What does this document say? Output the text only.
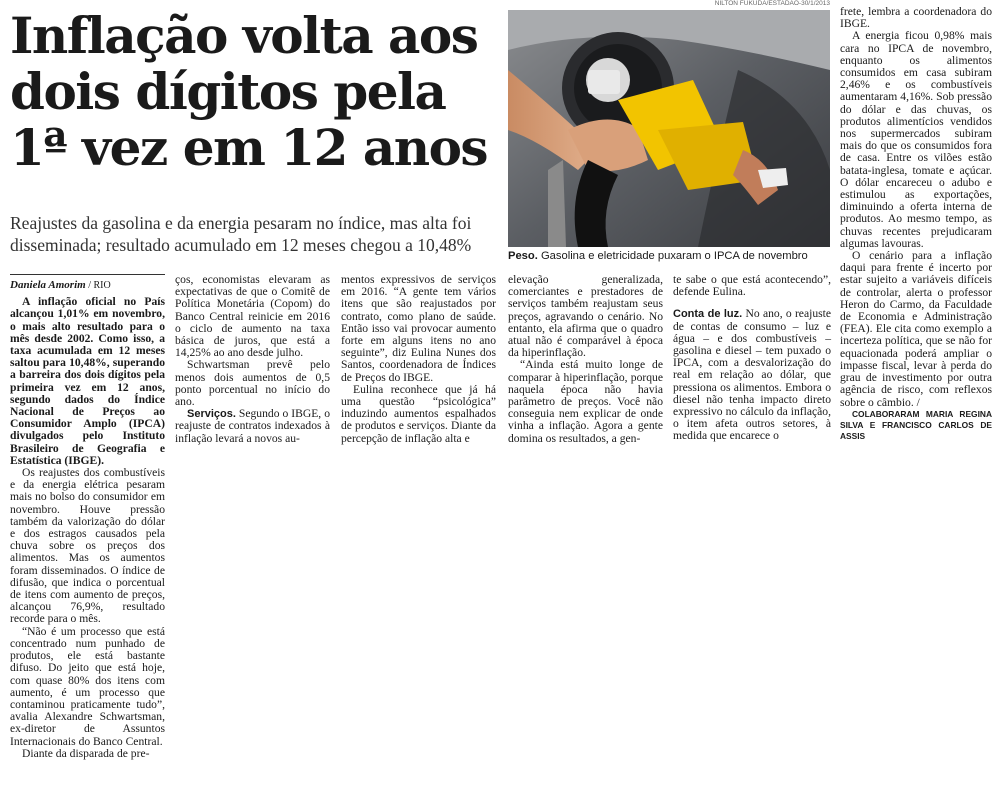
Inflação volta aos
dois dígitos pela
1ª vez em 12 anos

Reajustes da gasolina e da energia pesaram no índice, mas alta foi disseminada; resultado acumulado em 12 meses chegou a 10,48%

NILTON FUKUDA/ESTADÃO-30/1/2013

Peso. Gasolina e eletricidade puxaram o IPCA de novembro

Daniela Amorim / RIO

A inflação oficial no País alcançou 1,01% em novembro, o mais alto resultado para o mês desde 2002. Como isso, a taxa acumulada em 12 meses saltou para 10,48%, superando a barreira dos dois dígitos pela primeira vez em 12 anos, segundo dados do Índice Nacional de Preços ao Consumidor Amplo (IPCA) divulgados pelo Instituto Brasileiro de Geografia e Estatística (IBGE).

Os reajustes dos combustíveis e da energia elétrica pesaram mais no bolso do consumidor em novembro. Houve pressão também da valorização do dólar e dos estragos causados pela chuva sobre os preços dos alimentos. Mas os aumentos foram disseminados. O índice de difusão, que indica o porcentual de itens com aumento de preços, alcançou 76,9%, resultado recorde para o mês.

“Não é um processo que está concentrado num punhado de produtos, ele está bastante difuso. Do jeito que está hoje, com quase 80% dos itens com aumento, é um processo que contaminou praticamente tudo”, avalia Alexandre Schwartsman, ex-diretor de Assuntos Internacionais do Banco Central.

Diante da disparada de pre-

ços, economistas elevaram as expectativas de que o Comitê de Política Monetária (Copom) do Banco Central reinicie em 2016 o ciclo de aumento na taxa básica de juros, que está a 14,25% ao ano desde julho.

Schwartsman prevê pelo menos dois aumentos de 0,5 ponto porcentual no início do ano.

Serviços. Segundo o IBGE, o reajuste de contratos indexados à inflação levará a novos au-

mentos expressivos de serviços em 2016. “A gente tem vários itens que são reajustados por contrato, como plano de saúde. Então isso vai provocar aumento forte em alguns itens no ano seguinte”, diz Eulina Nunes dos Santos, coordenadora de Índices de Preços do IBGE.

Eulina reconhece que já há uma questão “psicológica” induzindo aumentos espalhados de produtos e serviços. Diante da percepção de inflação alta e

elevação generalizada, comerciantes e prestadores de serviços também reajustam seus preços, agravando o cenário. No entanto, ela afirma que o quadro atual não é comparável à época da hiperinflação.

“Ainda está muito longe de comparar à hiperinflação, porque naquela época não havia parâmetro de preços. Você não conseguia nem explicar de onde vinha a inflação. Agora a gente domina os resultados, a gen-

te sabe o que está acontecendo”, defende Eulina.

Conta de luz. No ano, o reajuste de contas de consumo – luz e água – e dos combustíveis – gasolina e diesel – tem puxado o IPCA, com a desvalorização do real em relação ao dólar, que pressiona os alimentos. Embora o diesel não tenha impacto direto expressivo no cálculo da inflação, o item afeta outros setores, à medida que encarece o

frete, lembra a coordenadora do IBGE.

A energia ficou 0,98% mais cara no IPCA de novembro, enquanto os alimentos consumidos em casa subiram 2,46% e os combustíveis aumentaram 4,16%. Sob pressão do dólar e das chuvas, os produtos alimentícios vendidos nos supermercados subiram mais do que os consumidos fora de casa. Entre os vilões estão batata-inglesa, tomate e açúcar. O dólar encareceu o adubo e estimulou as exportações, diminuindo a oferta interna de produtos. Ao mesmo tempo, as chuvas recentes prejudicaram algumas lavouras.

O cenário para a inflação daqui para frente é incerto por estar sujeito a variáveis difíceis de controlar, alerta o professor Heron do Carmo, da Faculdade de Economia e Administração (FEA). Ele cita como exemplo a incerteza política, que se não for equacionada poderá ampliar o impasse fiscal, levar à perda do grau de investimento por outra agência de risco, com reflexos sobre o câmbio. /

COLABORARAM MARIA REGINA SILVA E FRANCISCO CARLOS DE ASSIS
